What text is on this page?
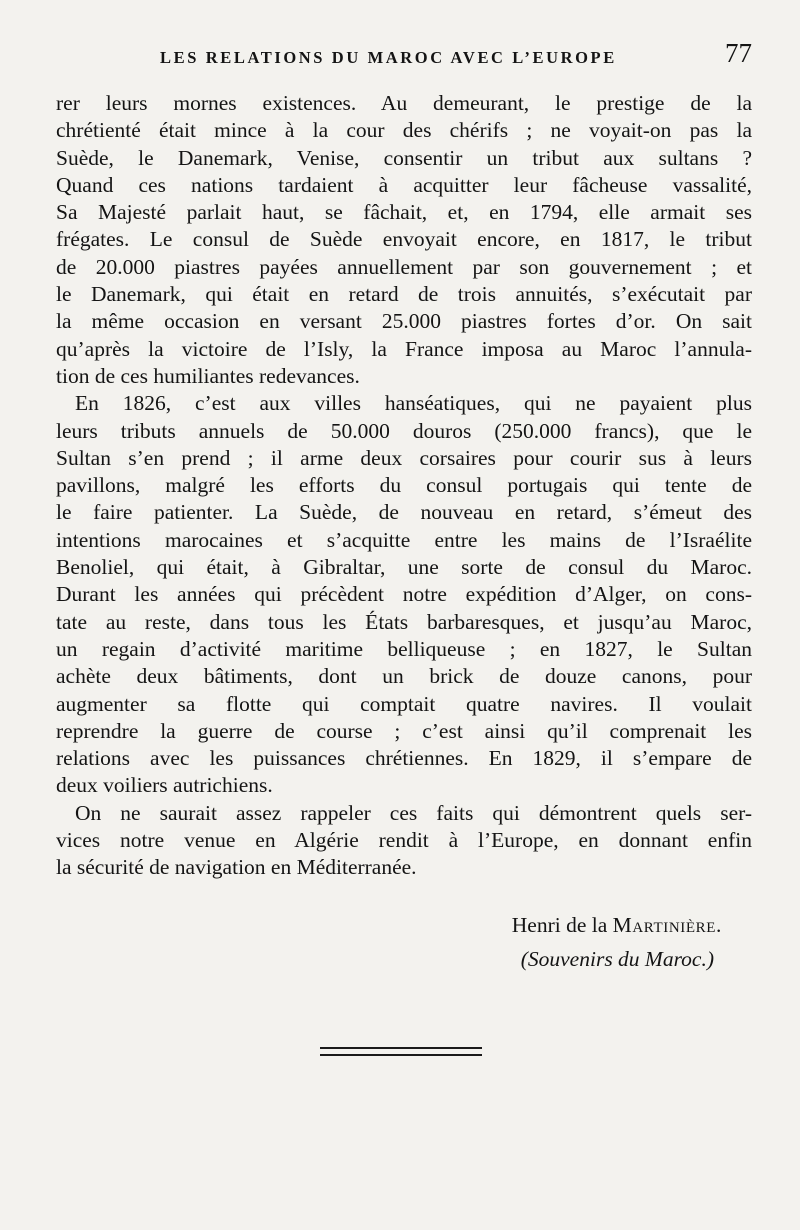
LES RELATIONS DU MAROC AVEC L’EUROPE	77
rer leurs mornes existences. Au demeurant, le prestige de la
chrétienté était mince à la cour des chérifs ; ne voyait-on pas la
Suède, le Danemark, Venise, consentir un tribut aux sultans ?
Quand ces nations tardaient à acquitter leur fâcheuse vassalité,
Sa Majesté parlait haut, se fâchait, et, en 1794, elle armait ses
frégates. Le consul de Suède envoyait encore, en 1817, le tribut
de 20.000 piastres payées annuellement par son gouvernement ; et
le Danemark, qui était en retard de trois annuités, s’exécutait par
la même occasion en versant 25.000 piastres fortes d’or. On sait
qu’après la victoire de l’Isly, la France imposa au Maroc l’annula-
tion de ces humiliantes redevances.
En 1826, c’est aux villes hanséatiques, qui ne payaient plus
leurs tributs annuels de 50.000 douros (250.000 francs), que le
Sultan s’en prend ; il arme deux corsaires pour courir sus à leurs
pavillons, malgré les efforts du consul portugais qui tente de
le faire patienter. La Suède, de nouveau en retard, s’émeut des
intentions marocaines et s’acquitte entre les mains de l’Israélite
Benoliel, qui était, à Gibraltar, une sorte de consul du Maroc.
Durant les années qui précèdent notre expédition d’Alger, on cons-
tate au reste, dans tous les États barbaresques, et jusqu’au Maroc,
un regain d’activité maritime belliqueuse ; en 1827, le Sultan
achète deux bâtiments, dont un brick de douze canons, pour
augmenter sa flotte qui comptait quatre navires. Il voulait
reprendre la guerre de course ; c’est ainsi qu’il comprenait les
relations avec les puissances chrétiennes. En 1829, il s’empare de
deux voiliers autrichiens.
On ne saurait assez rappeler ces faits qui démontrent quels ser-
vices notre venue en Algérie rendit à l’Europe, en donnant enfin
la sécurité de navigation en Méditerranée.
Henri de la Martinière.
(Souvenirs du Maroc.)
